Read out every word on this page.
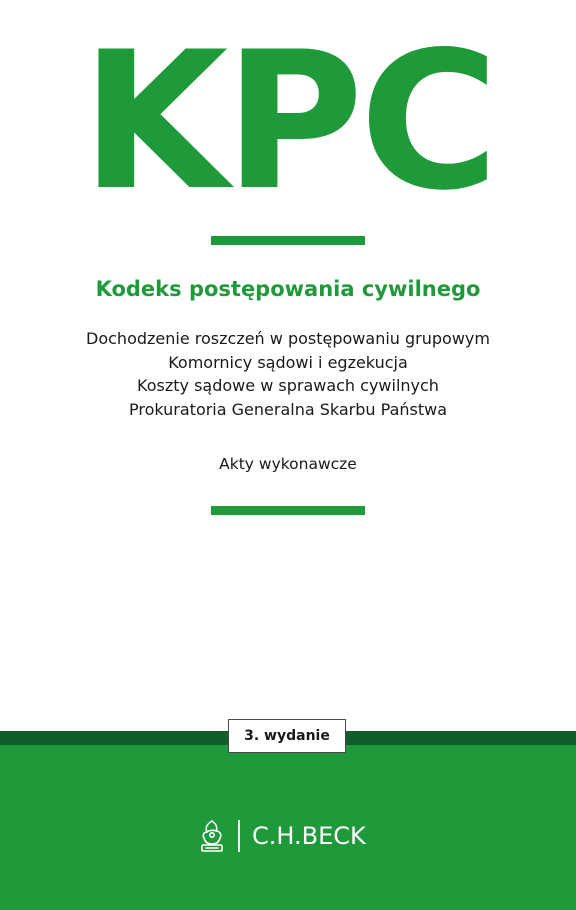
KPC
Kodeks postępowania cywilnego
Dochodzenie roszczeń w postępowaniu grupowym
Komornicy sądowi i egzekucja
Koszty sądowe w sprawach cywilnych
Prokuratoria Generalna Skarbu Państwa
Akty wykonawcze
3. wydanie
C.H.BECK
